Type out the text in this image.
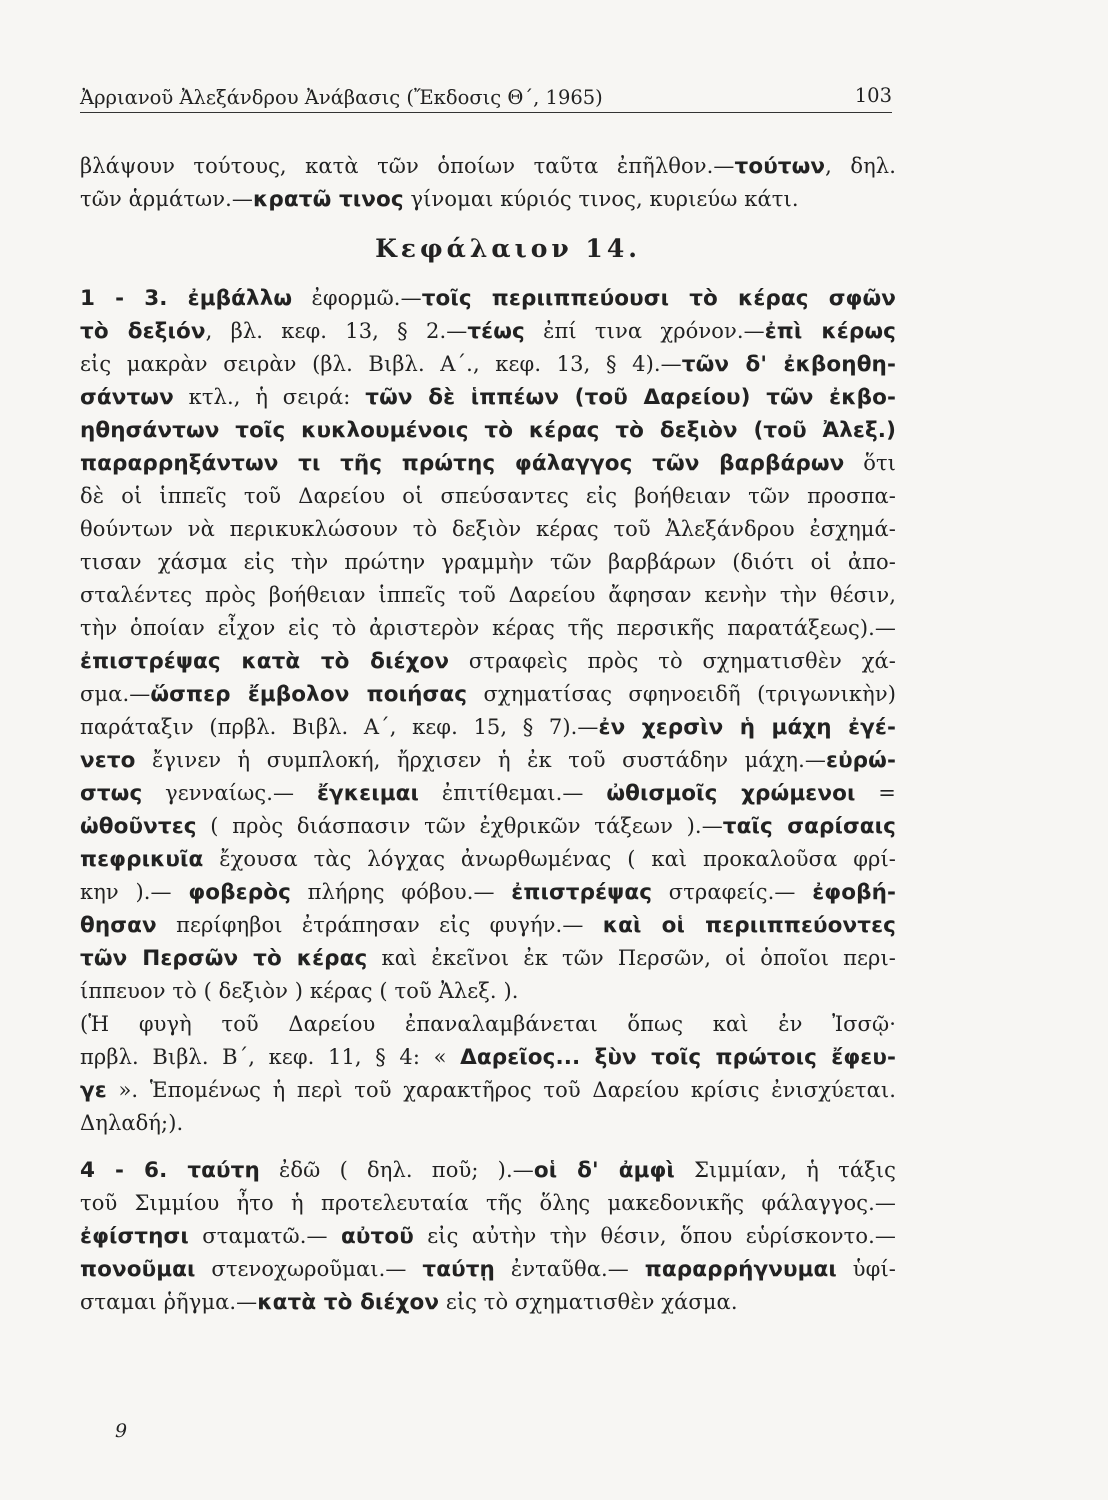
Ἀρριανοῦ Ἀλεξάνδρου Ἀνάβασις (Ἔκδοσις Θ΄, 1965)	103
βλάψουν τούτους, κατὰ τῶν ὁποίων ταῦτα ἐπῆλθον.—τούτων, δηλ.
τῶν ἁρμάτων.—κρατῶ τινος γίνομαι κύριός τινος, κυριεύω κάτι.
Κεφάλαιον 14.
1 - 3. ἐμβάλλω ἐφορμῶ.—τοῖς περιιππεύουσι τὸ κέρας σφῶν
τὸ δεξιόν, βλ. κεφ. 13, § 2.—τέως ἐπί τινα χρόνον.—ἐπὶ κέρως
εἰς μακρὰν σειρὰν (βλ. Βιβλ. Α΄., κεφ. 13, § 4).—τῶν δ' ἐκβοηθη-
σάντων κτλ., ἡ σειρά: τῶν δὲ ἱππέων (τοῦ Δαρείου) τῶν ἐκβο-
ηθησάντων τοῖς κυκλουμένοις τὸ κέρας τὸ δεξιὸν (τοῦ Ἀλεξ.)
παραρρηξάντων τι τῆς πρώτης φάλαγγος τῶν βαρβάρων ὅτι
δὲ οἱ ἱππεῖς τοῦ Δαρείου οἱ σπεύσαντες εἰς βοήθειαν τῶν προσπα-
θούντων νὰ περικυκλώσουν τὸ δεξιὸν κέρας τοῦ Ἀλεξάνδρου ἐσχημά-
τισαν χάσμα εἰς τὴν πρώτην γραμμὴν τῶν βαρβάρων (διότι οἱ ἀπο-
σταλέντες πρὸς βοήθειαν ἱππεῖς τοῦ Δαρείου ἄφησαν κενὴν τὴν θέσιν,
τὴν ὁποίαν εἶχον εἰς τὸ ἀριστερὸν κέρας τῆς περσικῆς παρατάξεως).—
ἐπιστρέψας κατὰ τὸ διέχον στραφεὶς πρὸς τὸ σχηματισθὲν χά-
σμα.—ὥσπερ ἔμβολον ποιήσας σχηματίσας σφηνοειδῆ (τριγωνικὴν)
παράταξιν (πρβλ. Βιβλ. Α΄, κεφ. 15, § 7).—ἐν χερσὶν ἡ μάχη ἐγέ-
νετο ἔγινεν ἡ συμπλοκή, ἤρχισεν ἡ ἐκ τοῦ συστάδην μάχη.—εὐρώ-
στως γενναίως.— ἔγκειμαι ἐπιτίθεμαι.— ὠθισμοῖς χρώμενοι =
ὠθοῦντες ( πρὸς διάσπασιν τῶν ἐχθρικῶν τάξεων ).—ταῖς σαρίσαις
πεφρικυῖα ἔχουσα τὰς λόγχας ἀνωρθωμένας ( καὶ προκαλοῦσα φρί-
κην ).— φοβερὸς πλήρης φόβου.— ἐπιστρέψας στραφείς.— ἐφοβή-
θησαν περίφηβοι ἐτράπησαν εἰς φυγήν.— καὶ οἱ περιιππεύοντες
τῶν Περσῶν τὸ κέρας καὶ ἐκεῖνοι ἐκ τῶν Περσῶν, οἱ ὁποῖοι περι-
ίππευον τὸ ( δεξιὸν ) κέρας ( τοῦ Ἀλεξ. ).
(Ἡ φυγὴ τοῦ Δαρείου ἐπαναλαμβάνεται ὅπως καὶ ἐν Ἰσσῷ·
πρβλ. Βιβλ. Β΄, κεφ. 11, § 4: « Δαρεῖος... ξὺν τοῖς πρώτοις ἔφευ-
γε ». Ἑπομένως ἡ περὶ τοῦ χαρακτῆρος τοῦ Δαρείου κρίσις ἐνισχύεται.
Δηλαδή;).
4 - 6. ταύτη ἐδῶ ( δηλ. ποῦ; ).—οἱ δ' ἀμφὶ Σιμμίαν, ἡ τάξις
τοῦ Σιμμίου ἦτο ἡ προτελευταία τῆς ὅλης μακεδονικῆς φάλαγγος.—
ἐφίστησι σταματῶ.— αὐτοῦ εἰς αὐτὴν τὴν θέσιν, ὅπου εὑρίσκοντο.—
πονοῦμαι στενοχωροῦμαι.— ταύτῃ ἐνταῦθα.— παραρρήγνυμαι ὑφί-
σταμαι ῥῆγμα.—κατὰ τὸ διέχον εἰς τὸ σχηματισθὲν χάσμα.
9
